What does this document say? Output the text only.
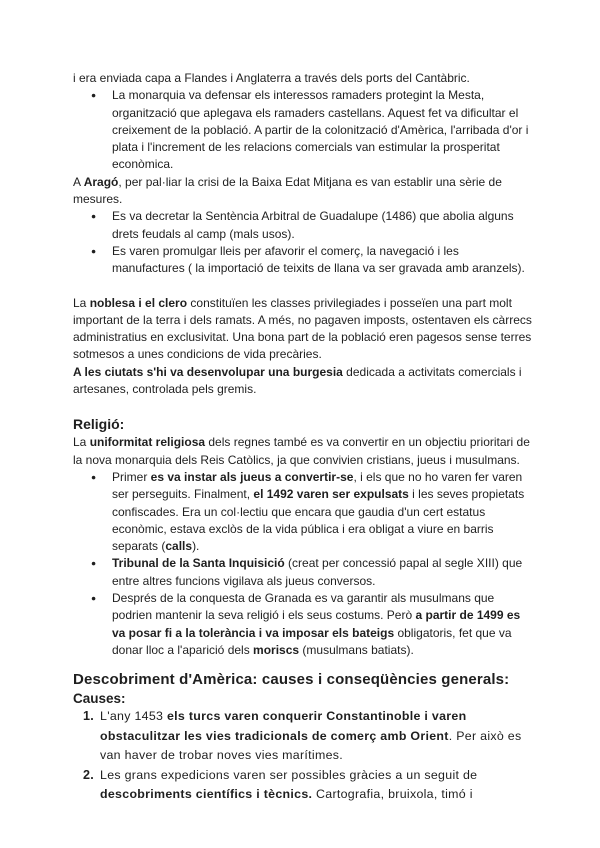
i era enviada capa a Flandes i Anglaterra a través dels ports del Cantàbric.

● La monarquia va defensar els interessos ramaders protegint la Mesta, organització que aplegava els ramaders castellans. Aquest fet va dificultar el creixement de la població. A partir de la colonització d'Amèrica, l'arribada d'or i plata i l'increment de les relacions comercials van estimular la prosperitat econòmica.

A Aragó, per pal·liar la crisi de la Baixa Edat Mitjana es van establir una sèrie de mesures.

● Es va decretar la Sentència Arbitral de Guadalupe (1486) que abolia alguns drets feudals al camp (mals usos).
● Es varen promulgar lleis per afavorir el comerç, la navegació i les manufactures ( la importació de teixits de llana va ser gravada amb aranzels).

La noblesa i el clero constituïen les classes privilegiades i posseïen una part molt important de la terra i dels ramats. A més, no pagaven imposts, ostentaven els càrrecs administratius en exclusivitat. Una bona part de la població eren pagesos sense terres sotmesos a unes condicions de vida precàries.

A les ciutats s'hi va desenvolupar una burgesia dedicada a activitats comercials i artesanes, controlada pels gremis.

Religió:

La uniformitat religiosa dels regnes també es va convertir en un objectiu prioritari de la nova monarquia dels Reis Catòlics, ja que convivien cristians, jueus i musulmans.

● Primer es va instar als jueus a convertir-se, i els que no ho varen fer varen ser perseguits. Finalment, el 1492 varen ser expulsats i les seves propietats confiscades. Era un col·lectiu que encara que gaudia d'un cert estatus econòmic, estava exclòs de la vida pública i era obligat a viure en barris separats (calls).
● Tribunal de la Santa Inquisició (creat per concessió papal al segle XIII) que entre altres funcions vigilava als jueus conversos.
● Després de la conquesta de Granada es va garantir als musulmans que podrien mantenir la seva religió i els seus costums. Però a partir de 1499 es va posar fi a la tolerància i va imposar els bateigs obligatoris, fet que va donar lloc a l'aparició dels moriscs (musulmans batiats).
Descobriment d'Amèrica: causes i conseqüències generals:
Causes:
1. L'any 1453 els turcs varen conquerir Constantinoble i varen obstaculitzar les vies tradicionals de comerç amb Orient. Per això es van haver de trobar noves vies marítimes.
2. Les grans expedicions varen ser possibles gràcies a un seguit de descobriments científics i tècnics. Cartografia, bruixola, timó i
